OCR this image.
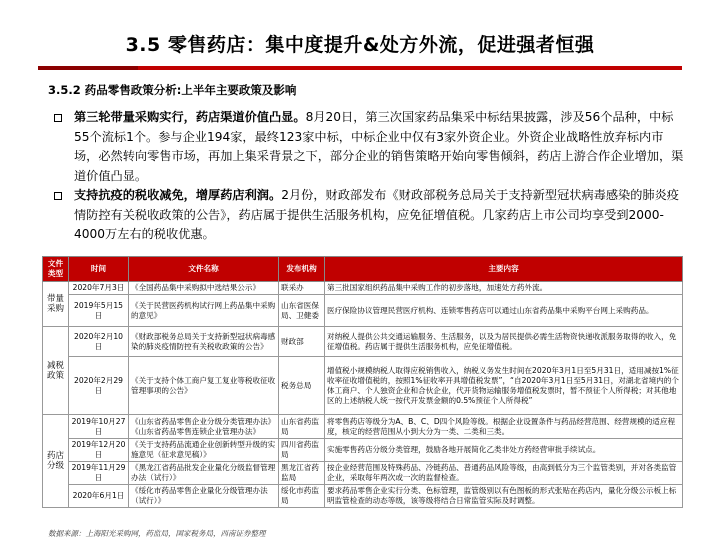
3.5 零售药店：集中度提升&处方外流，促进强者恒强
3.5.2 药品零售政策分析:上半年主要政策及影响

第三轮带量采购实行，药店渠道价值凸显。8月20日，第三次国家药品集采中标结果披露，涉及56个品种，中标55个流标1个。参与企业194家，最终123家中标，中标企业中仅有3家外资企业。外资企业战略性放弃标内市场，必然转向零售市场，再加上集采背景之下，部分企业的销售策略开始向零售倾斜，药店上游合作企业增加，渠道价值凸显。

支持抗疫的税收减免，增厚药店利润。2月份，财政部发布《财政部税务总局关于支持新型冠状病毒感染的肺炎疫情防控有关税收政策的公告》，药店属于提供生活服务机构，应免征增值税。几家药店上市公司均享受到2000-4000万左右的税收优惠。

文件类型	时间	文件名称	发布机构	主要内容
带量采购	2020年7月3日	《全国药品集中采购拟中选结果公示》	联采办	第三批国家组织药品集中采购工作的初步落地，加速处方药外流。
	2019年5月15日	《关于民营医药机构试行网上药品集中采购的意见》	山东省医保局、卫健委	医疗保险协议管理民营医疗机构、连锁零售药店可以通过山东省药品集中采购平台网上采购药品。
减税政策	2020年2月10日	《财政部税务总局关于支持新型冠状病毒感染的肺炎疫情防控有关税收政策的公告》	财政部	对纳税人提供公共交通运输服务、生活服务，以及为居民提供必需生活物资快递收派服务取得的收入，免征增值税。药店属于提供生活服务机构，应免征增值税。
	2020年2月29日	《关于支持个体工商户复工复业等税收征收管理事项的公告》	税务总局	增值税小规模纳税人取得应税销售收入，纳税义务发生时间在2020年3月1日至5月31日，适用减按1%征收率征收增值税的，按照1%征收率开具增值税发票”，“自2020年3月1日至5月31日，对湖北省境内的个体工商户、个人独资企业和合伙企业，代开货物运输服务增值税发票时，暂不预征个人所得税；对其他地区的上述纳税人统一按代开发票金额的0.5%预征个人所得税”
药店分级	2019年10月27日	《山东省药品零售企业分级分类管理办法》《山东省药品零售连锁企业管理办法》	山东省药监局	将零售药店等级分为A、B、C、D四个风险等级。根据企业设置条件与药品经营范围、经营规模的适应程度，核定的经营范围从小到大分为一类、二类和三类。
	2019年12月20日	《关于支持药品流通企业创新转型升级的实施意见（征求意见稿）》	四川省药监局	实施零售药店分级分类管理，鼓励各地开展简化乙类非处方药经营审批手续试点。
	2019年11月29日	《黑龙江省药品批发企业量化分级监督管理办法（试行）》	黑龙江省药监局	按企业经营范围及特殊药品、冷链药品、普通药品风险等级，由高到低分为三个监管类别，并对各类监管企业，采取每年两次或一次的监督检查。
	2020年6月1日	《绥化市药品零售企业量化分级管理办法（试行）》	绥化市药监局	要求药品零售企业实行分类、色标管理，监管级别以有色图板的形式张贴在药店内，量化分级公示板上标明监管检查的动态等级，该等级将结合日常监管实际及时调整。
数据来源：上海阳光采购网，药监局，国家税务局，西南证券整理
